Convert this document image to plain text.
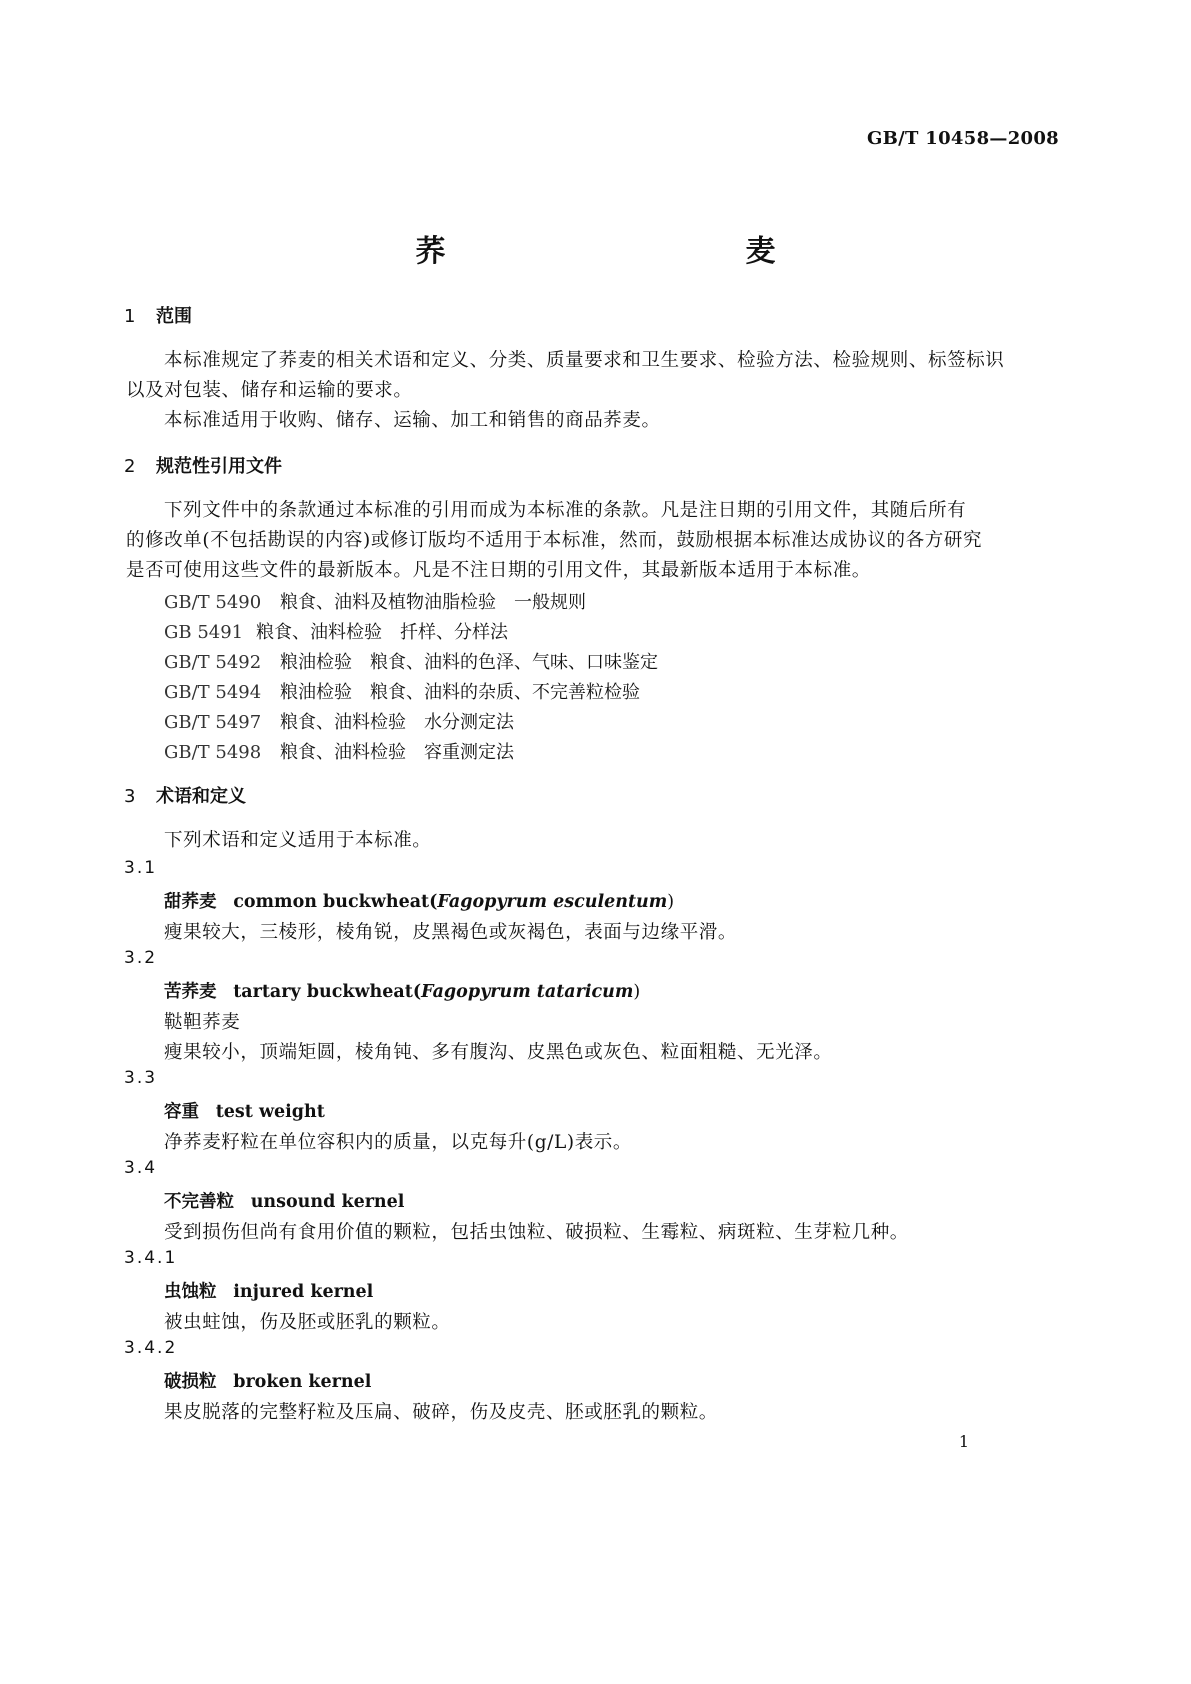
GB/T 10458—2008
荞　　麦
1 范围
本标准规定了荞麦的相关术语和定义、分类、质量要求和卫生要求、检验方法、检验规则、标签标识
以及对包装、储存和运输的要求。
本标准适用于收购、储存、运输、加工和销售的商品荞麦。
2 规范性引用文件
下列文件中的条款通过本标准的引用而成为本标准的条款。凡是注日期的引用文件，其随后所有
的修改单(不包括勘误的内容)或修订版均不适用于本标准，然而，鼓励根据本标准达成协议的各方研究
是否可使用这些文件的最新版本。凡是不注日期的引用文件，其最新版本适用于本标准。
GB/T 5490 粮食、油料及植物油脂检验　一般规则
GB 5491 粮食、油料检验　扦样、分样法
GB/T 5492 粮油检验　粮食、油料的色泽、气味、口味鉴定
GB/T 5494 粮油检验　粮食、油料的杂质、不完善粒检验
GB/T 5497 粮食、油料检验　水分测定法
GB/T 5498 粮食、油料检验　容重测定法
3 术语和定义
下列术语和定义适用于本标准。
3.1
甜荞麦 common buckwheat(Fagopyrum esculentum)
瘦果较大，三棱形，棱角锐，皮黑褐色或灰褐色，表面与边缘平滑。
3.2
苦荞麦 tartary buckwheat(Fagopyrum tataricum)
鞑靼荞麦
瘦果较小，顶端矩圆，棱角钝、多有腹沟、皮黑色或灰色、粒面粗糙、无光泽。
3.3
容重 test weight
净荞麦籽粒在单位容积内的质量，以克每升(g/L)表示。
3.4
不完善粒 unsound kernel
受到损伤但尚有食用价值的颗粒，包括虫蚀粒、破损粒、生霉粒、病斑粒、生芽粒几种。
3.4.1
虫蚀粒 injured kernel
被虫蛀蚀，伤及胚或胚乳的颗粒。
3.4.2
破损粒 broken kernel
果皮脱落的完整籽粒及压扁、破碎，伤及皮壳、胚或胚乳的颗粒。
1
